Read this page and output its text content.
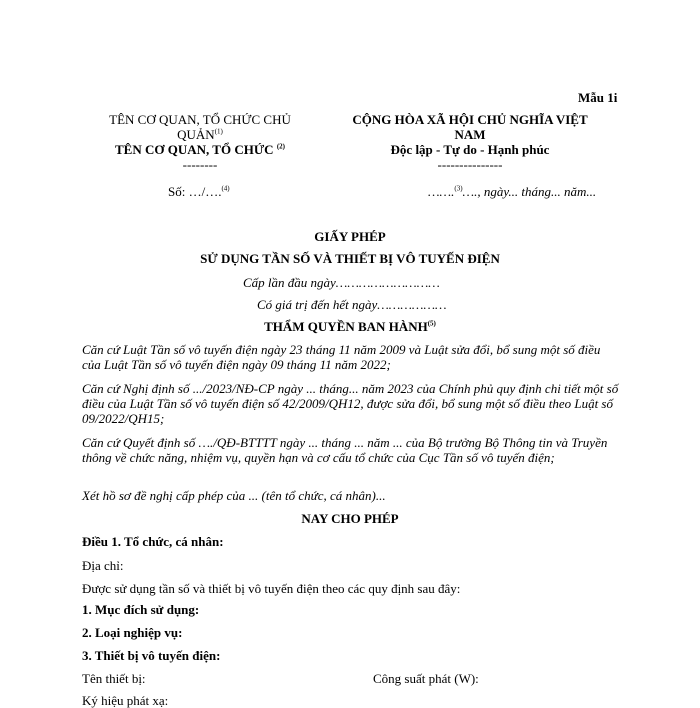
Mẫu 1i

TÊN CƠ QUAN, TỔ CHỨC CHỦ
QUẢN$^{(1)}$
TÊN CƠ QUAN, TỔ CHỨC $^{(2)}$
--------

Số: …/….$^{(4)}$

CỘNG HÒA XÃ HỘI CHỦ NGHĨA VIỆT
NAM
Độc lập - Tự do - Hạnh phúc
---------------

…….$^{(3)}$…., ngày... tháng... năm...

GIẤY PHÉP

SỬ DỤNG TẦN SỐ VÀ THIẾT BỊ VÔ TUYẾN ĐIỆN

Cấp lần đầu ngày………………………

Có giá trị đến hết ngày………………

THẨM QUYỀN BAN HÀNH$^{(5)}$

Căn cứ Luật Tần số vô tuyến điện ngày 23 tháng 11 năm 2009 và Luật sửa đổi, bổ sung một số điều của Luật Tần số vô tuyến điện ngày 09 tháng 11 năm 2022;

Căn cứ Nghị định số .../2023/NĐ-CP ngày ... tháng... năm 2023 của Chính phủ quy định chi tiết một số điều của Luật Tần số vô tuyến điện số 42/2009/QH12, được sửa đổi, bổ sung một số điều theo Luật số 09/2022/QH15;

Căn cứ Quyết định số …./QĐ-BTTTT ngày ... tháng ... năm ... của Bộ trưởng Bộ Thông tin và Truyền thông về chức năng, nhiệm vụ, quyền hạn và cơ cấu tổ chức của Cục Tần số vô tuyến điện;

Xét hồ sơ đề nghị cấp phép của ... (tên tổ chức, cá nhân)...

NAY CHO PHÉP

Điều 1. Tổ chức, cá nhân:

Địa chỉ:

Được sử dụng tần số và thiết bị vô tuyến điện theo các quy định sau đây:

1. Mục đích sử dụng:

2. Loại nghiệp vụ:

3. Thiết bị vô tuyến điện:

Tên thiết bị:	Công suất phát (W):

Ký hiệu phát xạ:
